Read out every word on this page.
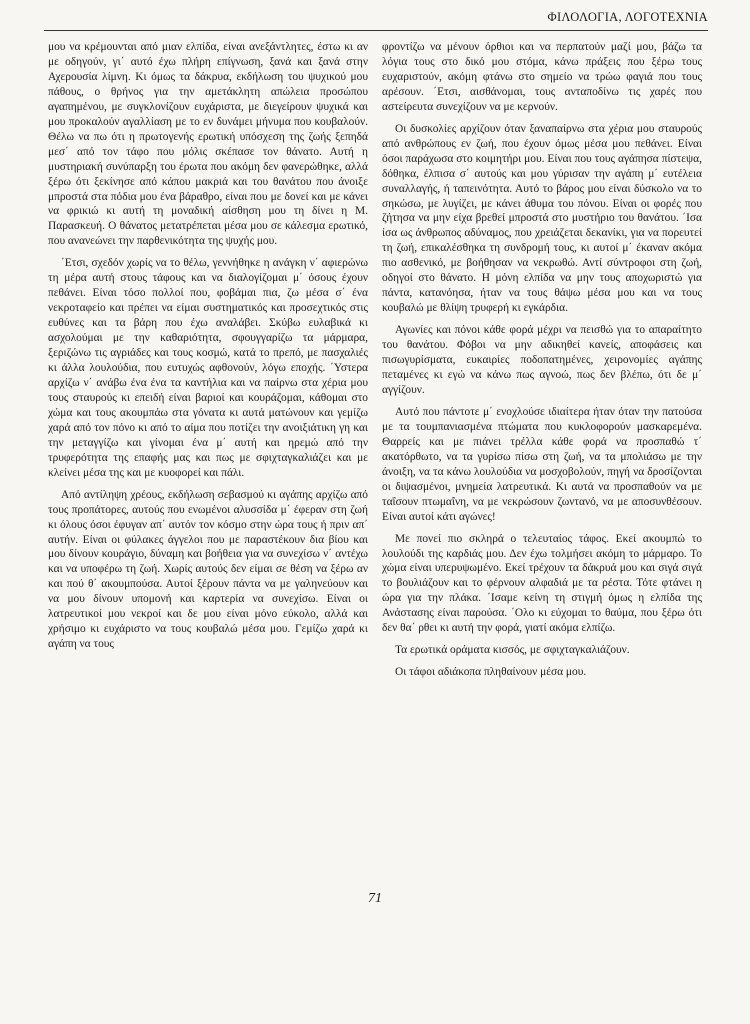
ΦΙΛΟΛΟΓΙΑ, ΛΟΓΟΤΕΧΝΙΑ

μου να κρέμουνται από μιαν ελπίδα, είναι ανεξάντλητες, έστω κι αν με οδηγούν, γι΄ αυτό έχω πλήρη επίγνωση, ξανά και ξανά στην Αχερουσία λίμνη. Κι όμως τα δάκρυα, εκδήλωση του ψυχικού μου πάθους, ο θρήνος για την αμετάκλητη απώλεια προσώπου αγαπημένου, με συγκλονίζουν ευχάριστα, με διεγείρουν ψυχικά και μου προκαλούν αγαλλίαση με το εν δυνάμει μήνυμα που κουβαλούν. Θέλω να πω ότι η πρωτογενής ερωτική υπόσχεση της ζωής ξεπηδά μεσ΄ από τον τάφο που μόλις σκέπασε τον θάνατο. Αυτή η μυστηριακή συνύπαρξη του έρωτα που ακόμη δεν φανερώθηκε, αλλά ξέρω ότι ξεκίνησε από κάπου μακριά και του θανάτου που άνοιξε μπροστά στα πόδια μου ένα βάραθρο, είναι που με δονεί και με κάνει να φρικιώ κι αυτή τη μοναδική αίσθηση μου τη δίνει η Μ. Παρασκευή. Ο θάνατος μετατρέπεται μέσα μου σε κάλεσμα ερωτικό, που ανανεώνει την παρθενικότητα της ψυχής μου.

΄Ετσι, σχεδόν χωρίς να το θέλω, γεννήθηκε η ανάγκη ν΄ αφιερώνω τη μέρα αυτή στους τάφους και να διαλογίζομαι μ΄ όσους έχουν πεθάνει. Είναι τόσο πολλοί που, φοβάμαι πια, ζω μέσα σ΄ ένα νεκροταφείο και πρέπει να είμαι συστηματικός και προσεχτικός στις ευθύνες και τα βάρη που έχω αναλάβει. Σκύβω ευλαβικά κι ασχολούμαι με την καθαριότητα, σφουγγαρίζω τα μάρμαρα, ξεριζώνω τις αγριάδες και τους κοσμώ, κατά το πρεπό, με πασχαλιές κι άλλα λουλούδια, που ευτυχώς αφθονούν, λόγω εποχής. ΄Υστερα αρχίζω ν΄ ανάβω ένα ένα τα καντήλια και να παίρνω στα χέρια μου τους σταυρούς κι επειδή είναι βαριοί και κουράζομαι, κάθομαι στο χώμα και τους ακουμπάω στα γόνατα κι αυτά ματώνουν και γεμίζω χαρά από τον πόνο κι από το αίμα που ποτίζει την ανοιξιάτικη γη και την μεταγγίζω και γίνομαι ένα μ΄ αυτή και ηρεμώ από την τρυφερότητα της επαφής μας και πως με σφιχταγκαλιάζει και με κλείνει μέσα της και με κυοφορεί και πάλι.

Από αντίληψη χρέους, εκδήλωση σεβασμού κι αγάπης αρχίζω από τους προπάτορες, αυτούς που ενωμένοι αλυσσίδα μ΄ έφεραν στη ζωή κι όλους όσοι έφυγαν απ΄ αυτόν τον κόσμο στην ώρα τους ή πριν απ΄ αυτήν. Είναι οι φύλακες άγγελοι που με παραστέκουν δια βίου και μου δίνουν κουράγιο, δύναμη και βοήθεια για να συνεχίσω ν΄ αντέχω και να υποφέρω τη ζωή. Χωρίς αυτούς δεν είμαι σε θέση να ξέρω αν και πού θ΄ ακουμπούσα. Αυτοί ξέρουν πάντα να με γαληνεύουν και να μου δίνουν υπομονή και καρτερία να συνεχίσω. Είναι οι λατρευτικοί μου νεκροί και δε μου είναι μόνο εύκολο, αλλά και χρήσιμο κι ευχάριστο να τους κουβαλώ μέσα μου. Γεμίζω χαρά κι αγάπη να τους

φροντίζω να μένουν όρθιοι και να περπατούν μαζί μου, βάζω τα λόγια τους στο δικό μου στόμα, κάνω πράξεις που ξέρω τους ευχαριστούν, ακόμη φτάνω στο σημείο να τρώω φαγιά που τους αρέσουν. ΄Ετσι, αισθάνομαι, τους ανταποδίνω τις χαρές που αστείρευτα συνεχίζουν να με κερνούν.

Οι δυσκολίες αρχίζουν όταν ξαναπαίρνω στα χέρια μου σταυρούς από ανθρώπους εν ζωή, που έχουν όμως μέσα μου πεθάνει. Είναι όσοι παράχωσα στο κοιμητήρι μου. Είναι που τους αγάπησα πίστεψα, δόθηκα, έλπισα σ΄ αυτούς και μου γύρισαν την αγάπη μ΄ ευτέλεια συναλλαγής, ή ταπεινότητα. Αυτό το βάρος μου είναι δύσκολο να το σηκώσω, με λυγίζει, με κάνει άθυμα του πόνου. Είναι οι φορές που ζήτησα να μην είχα βρεθεί μπροστά στο μυστήριο του θανάτου. ΄Ισα ίσα ως άνθρωπος αδύναμος, που χρειάζεται δεκανίκι, για να πορευτεί τη ζωή, επικαλέσθηκα τη συνδρομή τους, κι αυτοί μ΄ έκαναν ακόμα πιο ασθενικό, με βοήθησαν να νεκρωθώ. Αντί σύντροφοι στη ζωή, οδηγοί στο θάνατο. Η μόνη ελπίδα να μην τους αποχωριστώ για πάντα, κατανόησα, ήταν να τους θάψω μέσα μου και να τους κουβαλώ με θλίψη τρυφερή κι εγκάρδια.

Αγωνίες και πόνοι κάθε φορά μέχρι να πεισθώ για το απαραίτητο του θανάτου. Φόβοι να μην αδικηθεί κανείς, αποφάσεις και πισωγυρίσματα, ευκαιρίες ποδοπατημένες, χειρονομίες αγάπης πεταμένες κι εγώ να κάνω πως αγνοώ, πως δεν βλέπω, ότι δε μ΄ αγγίζουν.

Αυτό που πάντοτε μ΄ ενοχλούσε ιδιαίτερα ήταν όταν την πατούσα με τα τουμπανιασμένα πτώματα που κυκλοφορούν μασκαρεμένα. Θαρρείς και με πιάνει τρέλλα κάθε φορά να προσπαθώ τ΄ ακατόρθωτο, να τα γυρίσω πίσω στη ζωή, να τα μπολιάσω με την άνοιξη, να τα κάνω λουλούδια να μοσχοβολούν, πηγή να δροσίζονται οι διψασμένοι, μνημεία λατρευτικά. Κι αυτά να προσπαθούν να με ταΐσουν πτωμαΐνη, να με νεκρώσουν ζωντανό, να με αποσυνθέσουν. Είναι αυτοί κάτι αγώνες!

Με πονεί πιο σκληρά ο τελευταίος τάφος. Εκεί ακουμπώ το λουλούδι της καρδιάς μου. Δεν έχω τολμήσει ακόμη το μάρμαρο. Το χώμα είναι υπερυψωμένο. Εκεί τρέχουν τα δάκρυά μου και σιγά σιγά το βουλιάζουν και το φέρνουν αλφαδιά με τα ρέστα. Τότε φτάνει η ώρα για την πλάκα. ΄Ισαμε κείνη τη στιγμή όμως η ελπίδα της Ανάστασης είναι παρούσα. ΄Ολο κι εύχομαι το θαύμα, που ξέρω ότι δεν θα΄ ρθει κι αυτή την φορά, γιατί ακόμα ελπίζω.

Τα ερωτικά οράματα κισσός, με σφιχταγκαλιάζουν.

Οι τάφοι αδιάκοπα πληθαίνουν μέσα μου.

71
